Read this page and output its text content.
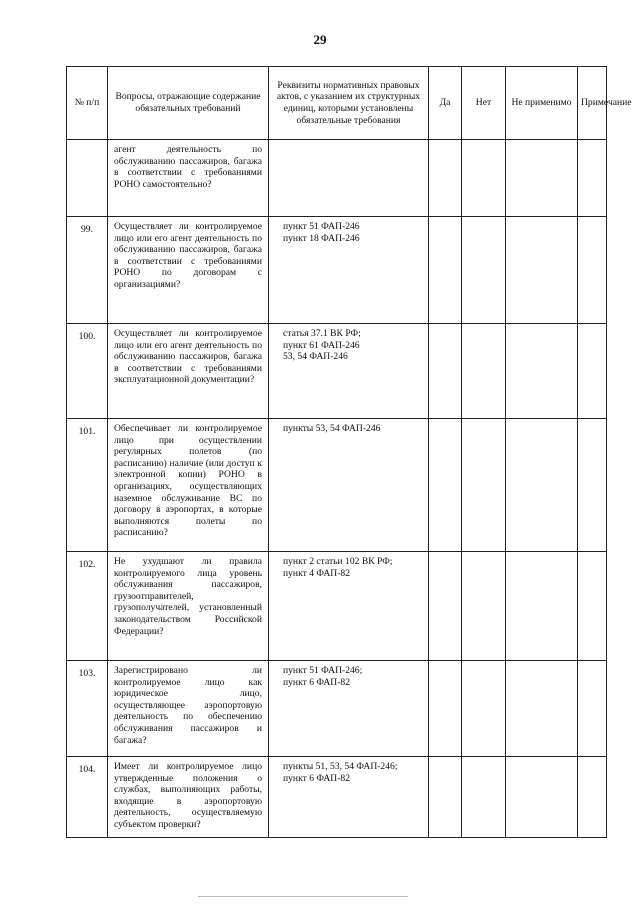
29
№ п/п	Вопросы, отражающие содержание обязательных требований	Реквизиты нормативных правовых актов, с указанием их структурных единиц, которыми установлены обязательные требования	Да	Нет	Не применимо	Примечание
	агент деятельность по обслуживанию пассажиров, багажа в соответствии с требованиями РОНО самостоятельно?					
99.	Осуществляет ли контролируемое лицо или его агент деятельность по обслуживанию пассажиров, багажа в соответствии с требованиями РОНО по договорам с организациями?	пункт 51 ФАП-246
пункт 18 ФАП-246				

100.	Осуществляет ли контролируемое лицо или его агент деятельность по обслуживанию пассажиров, багажа в соответствии с требованиями эксплуатационной документации?	статья 37.1 ВК РФ;
пункт 61 ФАП-246
53, 54 ФАП-246				

101.	Обеспечивает ли контролируемое лицо при осуществлении регулярных полетов (по расписанию) наличие (или доступ к электронной копии) РОНО в организациях, осуществляющих наземное обслуживание ВС по договору в аэропортах, в которые выполняются полеты по расписанию?	пункты 53, 54 ФАП-246				

102.	Не ухудшают ли правила контролируемого лица уровень обслуживания пассажиров, грузоотправителей, грузополучателей, установленный законодательством Российской Федерации?	пункт 2 статьи 102 ВК РФ;
пункт 4 ФАП-82				

103.	Зарегистрировано ли контролируемое лицо как юридическое лицо, осуществляющее аэропортовую деятельность по обеспечению обслуживания пассажиров и багажа?	пункт 51 ФАП-246;
пункт 6 ФАП-82				

104.	Имеет ли контролируемое лицо утвержденные положения о службах, выполняющих работы, входящие в аэропортовую деятельность, осуществляемую субъектом проверки?	пункты 51, 53, 54 ФАП-246;
пункт 6 ФАП-82				
